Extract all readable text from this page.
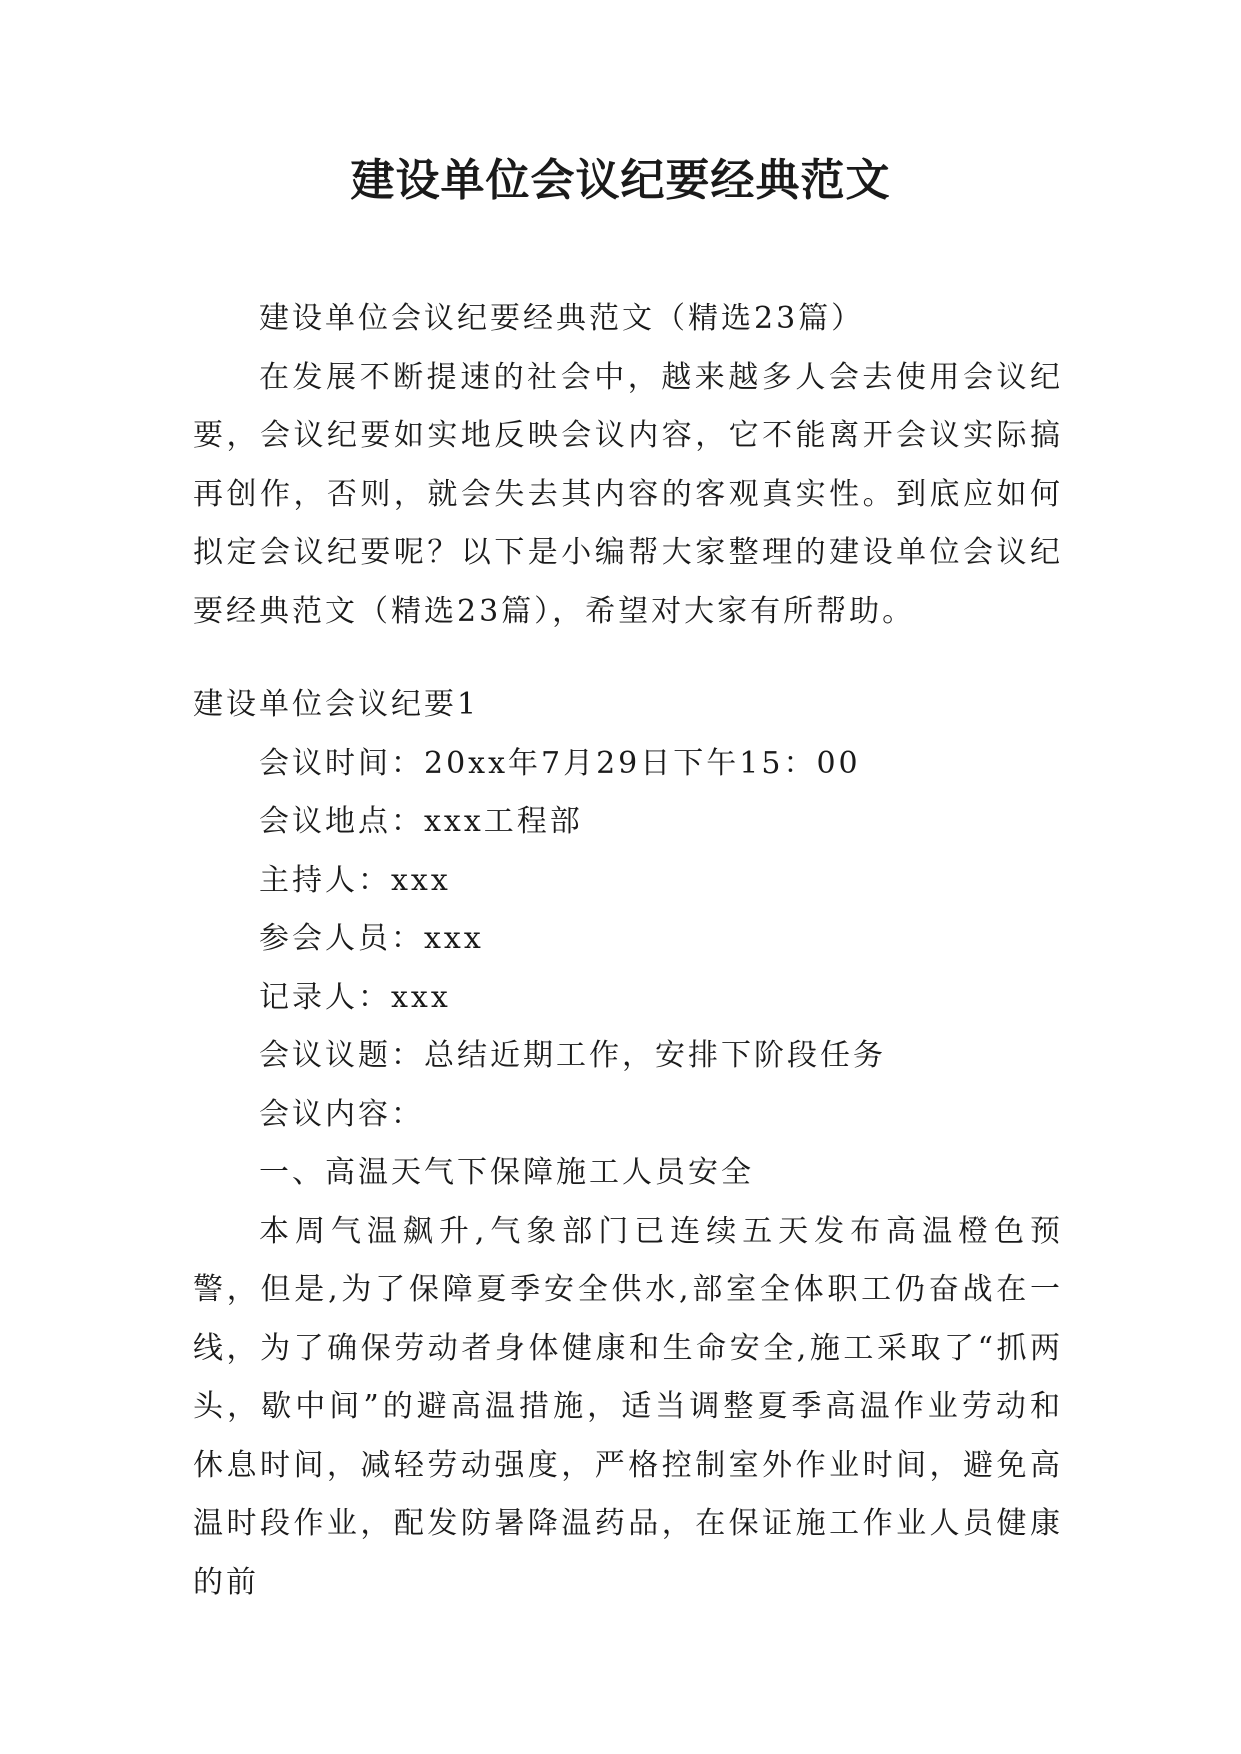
建设单位会议纪要经典范文

建设单位会议纪要经典范文（精选23篇）

在发展不断提速的社会中，越来越多人会去使用会议纪要，会议纪要如实地反映会议内容，它不能离开会议实际搞再创作，否则，就会失去其内容的客观真实性。到底应如何拟定会议纪要呢？以下是小编帮大家整理的建设单位会议纪要经典范文（精选23篇），希望对大家有所帮助。

建设单位会议纪要1

会议时间：20xx年7月29日下午15：00

会议地点：xxx工程部

主持人：xxx

参会人员：xxx

记录人：xxx

会议议题：总结近期工作，安排下阶段任务

会议内容：

一、高温天气下保障施工人员安全

本周气温飙升,气象部门已连续五天发布高温橙色预警，但是,为了保障夏季安全供水,部室全体职工仍奋战在一线，为了确保劳动者身体健康和生命安全,施工采取了“抓两头，歇中间”的避高温措施，适当调整夏季高温作业劳动和休息时间，减轻劳动强度，严格控制室外作业时间，避免高温时段作业，配发防暑降温药品，在保证施工作业人员健康的前
